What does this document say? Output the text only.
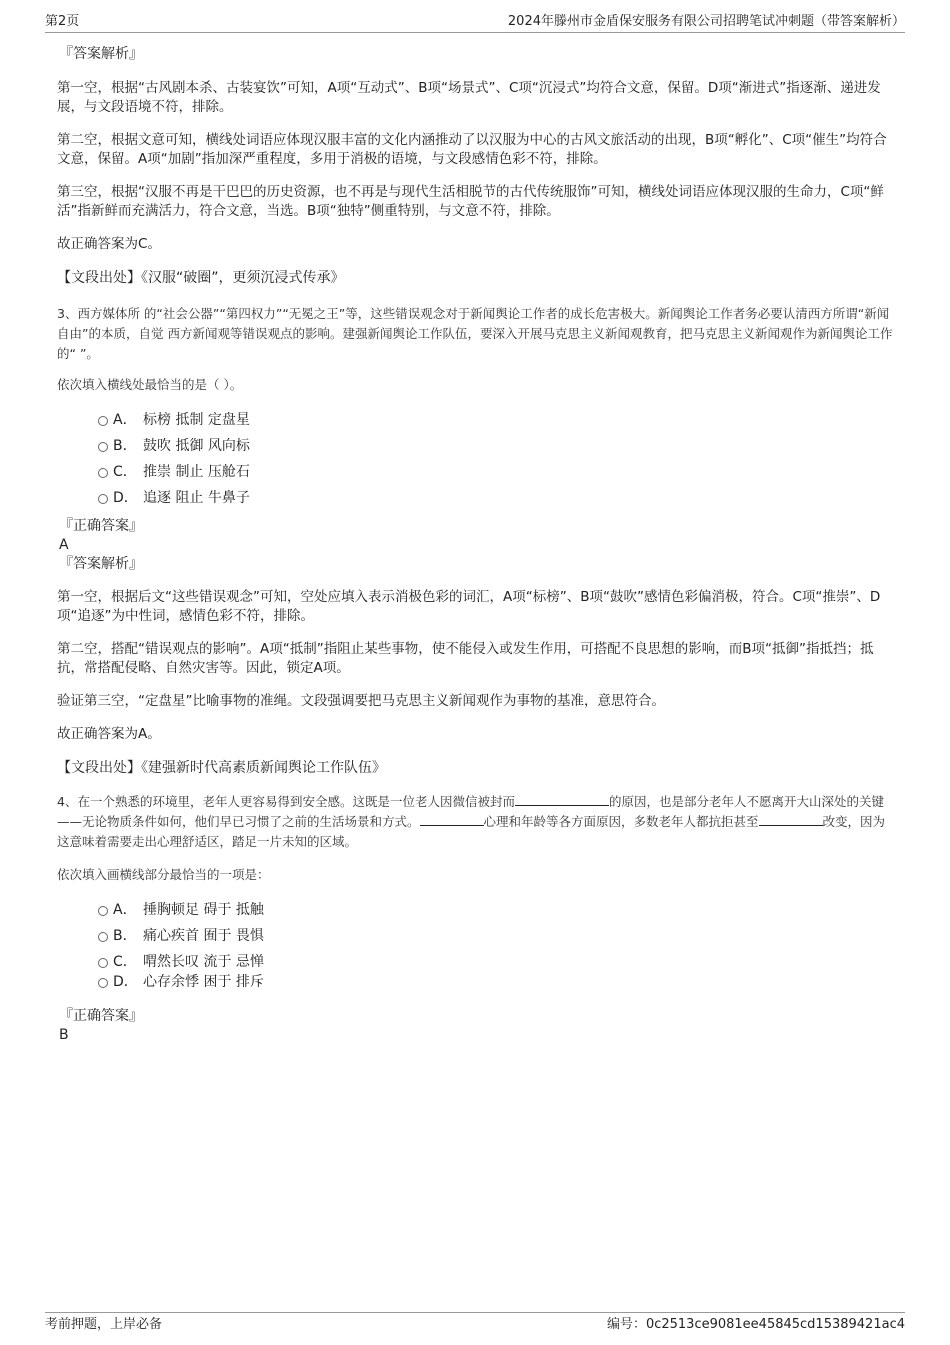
第2页	2024年滕州市金盾保安服务有限公司招聘笔试冲刺题（带答案解析）
『答案解析』

第一空，根据“古风剧本杀、古装宴饮”可知，A项“互动式”、B项“场景式”、C项“沉浸式”均符合文意，保留。D项“渐进式”指逐渐、递进发展，与文段语境不符，排除。

第二空，根据文意可知，横线处词语应体现汉服丰富的文化内涵推动了以汉服为中心的古风文旅活动的出现，B项“孵化”、C项“催生”均符合文意，保留。A项“加剧”指加深严重程度，多用于消极的语境，与文段感情色彩不符，排除。

第三空，根据“汉服不再是干巴巴的历史资源，也不再是与现代生活相脱节的古代传统服饰”可知，横线处词语应体现汉服的生命力，C项“鲜活”指新鲜而充满活力，符合文意，当选。B项“独特”侧重特别，与文意不符，排除。

故正确答案为C。

【文段出处】《汉服“破圈”，更须沉浸式传承》

3、西方媒体所 的“社会公器”“第四权力”“无冕之王”等，这些错误观念对于新闻舆论工作者的成长危害极大。新闻舆论工作者务必要认清西方所谓“新闻自由”的本质，自觉 西方新闻观等错误观点的影响。建强新闻舆论工作队伍，要深入开展马克思主义新闻观教育，把马克思主义新闻观作为新闻舆论工作的“ ”。

依次填入横线处最恰当的是（ ）。

A． 标榜 抵制 定盘星
B． 鼓吹 抵御 风向标
C． 推崇 制止 压舱石
D． 追逐 阻止 牛鼻子
『正确答案』
A
『答案解析』

第一空，根据后文“这些错误观念”可知，空处应填入表示消极色彩的词汇，A项“标榜”、B项“鼓吹”感情色彩偏消极，符合。C项“推崇”、D项“追逐”为中性词，感情色彩不符，排除。

第二空，搭配“错误观点的影响”。A项“抵制”指阻止某些事物，使不能侵入或发生作用，可搭配不良思想的影响，而B项“抵御”指抵挡；抵抗，常搭配侵略、自然灾害等。因此，锁定A项。

验证第三空，“定盘星”比喻事物的准绳。文段强调要把马克思主义新闻观作为事物的基准，意思符合。

故正确答案为A。

【文段出处】《建强新时代高素质新闻舆论工作队伍》

4、在一个熟悉的环境里，老年人更容易得到安全感。这既是一位老人因微信被封而	的原因，也是部分老年人不愿离开大山深处的关键——无论物质条件如何，他们早已习惯了之前的生活场景和方式。	心理和年龄等各方面原因，多数老年人都抗拒甚至	改变，因为这意味着需要走出心理舒适区，踏足一片未知的区域。

依次填入画横线部分最恰当的一项是：

A． 捶胸顿足 碍于 抵触
B． 痛心疾首 囿于 畏惧
C． 喟然长叹 流于 忌惮
D． 心存余悸 困于 排斥
『正确答案』
B
考前押题，上岸必备	编号：0c2513ce9081ee45845cd15389421ac4
